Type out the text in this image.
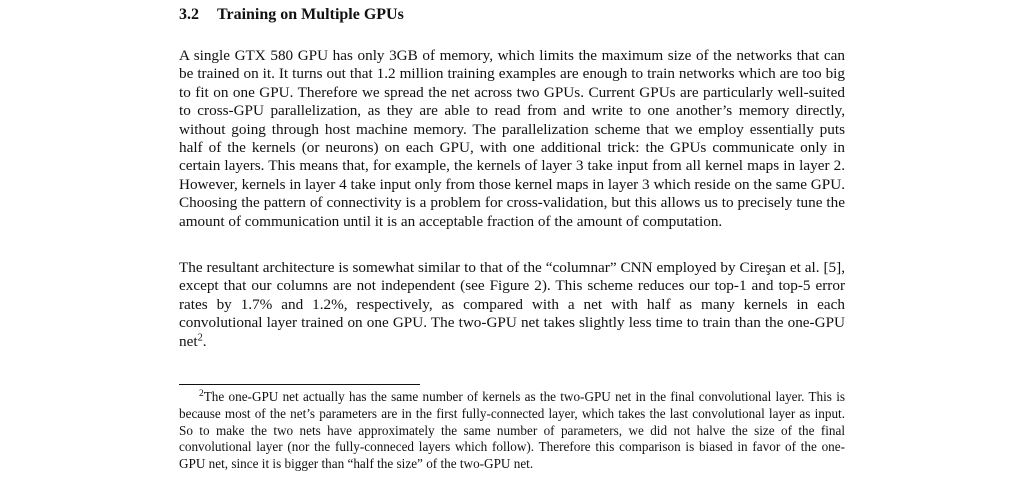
3.2 Training on Multiple GPUs

A single GTX 580 GPU has only 3GB of memory, which limits the maximum size of the networks that can be trained on it. It turns out that 1.2 million training examples are enough to train networks which are too big to fit on one GPU. Therefore we spread the net across two GPUs. Current GPUs are particularly well-suited to cross-GPU parallelization, as they are able to read from and write to one another’s memory directly, without going through host machine memory. The parallelization scheme that we employ essentially puts half of the kernels (or neurons) on each GPU, with one additional trick: the GPUs communicate only in certain layers. This means that, for example, the kernels of layer 3 take input from all kernel maps in layer 2. However, kernels in layer 4 take input only from those kernel maps in layer 3 which reside on the same GPU. Choosing the pattern of connectivity is a problem for cross-validation, but this allows us to precisely tune the amount of communication until it is an acceptable fraction of the amount of computation.

The resultant architecture is somewhat similar to that of the “columnar” CNN employed by Cireşan et al. [5], except that our columns are not independent (see Figure 2). This scheme reduces our top-1 and top-5 error rates by 1.7% and 1.2%, respectively, as compared with a net with half as many kernels in each convolutional layer trained on one GPU. The two-GPU net takes slightly less time to train than the one-GPU net$^2$.

$^2$The one-GPU net actually has the same number of kernels as the two-GPU net in the final convolutional layer. This is because most of the net’s parameters are in the first fully-connected layer, which takes the last convolutional layer as input. So to make the two nets have approximately the same number of parameters, we did not halve the size of the final convolutional layer (nor the fully-conneced layers which follow). Therefore this comparison is biased in favor of the one-GPU net, since it is bigger than “half the size” of the two-GPU net.
